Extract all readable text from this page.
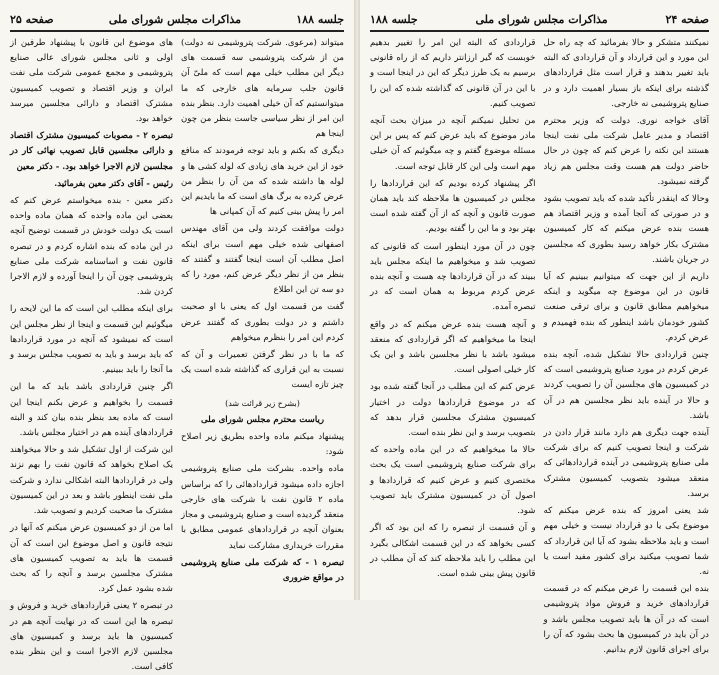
جلسه ۱۸۸
مذاکرات مجلس شورای ملی
صفحه ۲۵

های موضوع این قانون با پیشنهاد طرفین از اولی و ثانی مجلس شورای عالی صنایع پتروشیمی و مجمع عمومی شرکت ملی نفت ایران و وزیر اقتصاد و تصویب کمیسیون مشترک اقتصاد و دارائی مجلسین میرسد خواهد بود.

تبصره ۲ - مصوبات کمیسیون مشترک اقتصاد و دارائی مجلسین قابل تصویب نهائی کار در مجلسین لازم الاجرا خواهد بود. - دکتر معین

رئیس - آقای دکتر معین بفرمائید.

دکتر معین - بنده میخواستم عرض کنم که بعضی این ماده واحده که همان ماده واحده است یک دولت خودش در قسمت توضیح آنچه در این ماده که بنده اشاره کردم و در تبصره قانون نفت و اساسنامه شرکت ملی صنایع پتروشیمی چون آن را اینجا آورده و لازم الاجرا کردن شد.

برای اینکه مطلب این است که ما این لایحه را میگوئیم این قسمت و اینجا از نظر مجلس این است که نمیشود که آنچه در مورد قراردادها که باید برسد و باید به تصویب مجلس برسد و ما آنجا را باید ببینیم.

اگر چنین قراردادی باشد باید که ما این قسمت را بخواهیم و عرض بکنم اینجا این است که ماده بعد بنظر بنده بیان کند و البته قراردادهای آینده هم در اختیار مجلس باشد.

این شرکت از اول تشکیل شد و حالا میخواهند یک اصلاح بخواهد که قانون نفت را بهم نزند ولی در قراردادها البته اشکالی ندارد و شرکت ملی نفت اینطور باشد و بعد در این کمیسیون مشترک ما صحبت کردیم و تصویب شد.

اما من از دو کمیسیون عرض میکنم که آنها در نتیجه قانون و اصل موضوع این است که آن قسمت ها باید به تصویب کمیسیون های مشترک مجلسین برسد و آنچه را که بحث شده بشود عمل کرد.

در تبصره ۲ یعنی قراردادهای خرید و فروش و تبصره ها این است که در نهایت آنچه هم در کمیسیون ها باید برسد و کمیسیون های مجلسین لازم الاجرا است و این بنظر بنده کافی است.

میتواند (مرعوی. شرکت پتروشیمی نه دولت) من از شرکت پتروشیمی سه قسمت های دیگر این مطلب خیلی مهم است که ملیّ آن قانون جلب سرمایه های خارجی که ما میتوانستیم که آن خیلی اهمیت دارد. بنظر بنده این امر از نظر سیاسی جاست بنظر من چون اینجا هم

دیگری که بکنم و باید توجه فرمودند که منافع خود از این خرید های زیادی که لوله کشی ها و لوله ها داشته شده که من آن را بنظر من عرض کرده به برگ های است که ما بایدیم این امر را پیش بینی کنیم که آن کمپانی ها

دولت موافقت کردند ولی من آقای مهندس اصفهانی شده خیلی مهم است برای اینکه اصل مطلب آن است اینجا گفتند و گفتند که بنظر من از نظر دیگر عرض کنم، مورد را که دو سه تن این اطلاع

گفت من قسمت اول که یعنی با او صحبت داشتم و در دولت بطوری که گفتند عرض کردم این امر را بنظرم میخواهم

که ما با در نظر گرفتن تعمیرات و آن که نسبت به این قراری که گذاشته شده است یک چیز تازه ایست

(بشرح زیر قرائت شد)

ریاست محترم مجلس شورای ملی

پیشنهاد میکنم ماده واحده بطریق زیر اصلاح شود:

ماده واحده. بشرکت ملی صنایع پتروشیمی اجازه داده میشود قراردادهائی را که براساس ماده ۲ قانون نفت با شرکت های خارجی منعقد گردیده است و صنایع پتروشیمی و مجاز بعنوان آنچه در قراردادهای عمومی مطابق با مقررات خریداری مشارکت نماید

تبصره ۱ - که شرکت ملی صنایع پتروشیمی در مواقع ضروری

صفحه ۲۴
مذاکرات مجلس شورای ملی
جلسه ۱۸۸

قراردادی که البته این امر را تغییر بدهیم خوبست که گیر ارزانتر داریم که از راه قانونی برسیم به یک طرز دیگر که این در اینجا است و با این در آن قانونی که گذاشته شده که این را تصویب کنیم.

من تحلیل نمیکنم آنچه در میزان بحث آنچه مادر موضوع که باید عرض کنم که پس بر این مسئله موضوع گفتم و چه میگوئیم که آن خیلی مهم است ولی این کار قابل توجه است.

اگر پیشنهاد کرده بودیم که این قراردادها را مجلس در کمیسیون ها ملاحظه کند باید همان صورت قانون و آنچه که از آن گفته شده است بهتر بود و ما این را گفته بودیم.

چون در آن مورد اینطور است که قانونی که تصویب شد و میخواهیم ما اینکه مجلس باید ببیند که در آن قراردادها چه هست و آنچه بنده عرض کردم مربوط به همان است که در تبصره آمده.

و آنچه هست بنده عرض میکنم که در واقع اینجا ما میخواهیم که اگر قراردادی که منعقد میشود باشد با نظر مجلسین باشد و این یک کار خیلی اصولی است.

عرض کنم که این مطلب در آنجا گفته شده بود که در موضوع قراردادها دولت در اختیار کمیسیون مشترک مجلسین قرار بدهد که بتصویب برسد و این نظر بنده است.

حالا ما میخواهیم که در این ماده واحده که برای شرکت صنایع پتروشیمی است یک بحث مختصری کنیم و عرض کنیم که قراردادها و اصول آن در کمیسیون مشترک باید تصویب شود.

و آن قسمت از تبصره را که این بود که اگر کسی بخواهد که در این قسمت اشکالی بگیرد این مطلب را باید ملاحظه کند که آن مطلب در قانون پیش بینی شده است.

نمیکنند متشکر و حالا بفرمائید که چه راه حل این مورد و این قرارداد و آن قراردادی که البته باید تغییر بدهند و قرار است مثل قراردادهای گذشته برای اینکه باز بسیار اهمیت دارد و در صنایع پتروشیمی نه خارجی.

آقای خواجه نوری. دولت که وزیر محترم اقتصاد و مدیر عامل شرکت ملی نفت اینجا هستند این نکته را عرض کنم که چون در حال حاضر دولت هم هست وقت مجلس هم زیاد گرفته نمیشود.

وحالا که اینقدر تأکید شده که باید تصویب بشود و در صورتی که آنجا آمده و وزیر اقتصاد هم هست بنده عرض میکنم که کار کمیسیون مشترک بکار خواهد رسید بطوری که مجلسین در جریان باشند.

داریم از این جهت که میتوانیم ببینیم که آیا قانون در این موضوع چه میگوید و اینکه میخواهیم مطابق قانون و برای ترقی صنعت کشور خودمان باشد اینطور که بنده فهمیدم و عرض کردم.

چنین قراردادی حالا تشکیل شده، آنچه بنده عرض کردم در مورد صنایع پتروشیمی است که در کمیسیون های مجلسین آن را تصویب کردند و حالا در آینده باید نظر مجلسین هم در آن باشد.

آینده جهت دیگری هم دارد مانند قرار دادن در شرکت و اینجا تصویب کنیم که برای شرکت ملی صنایع پتروشیمی در آینده قراردادهائی که منعقد میشود بتصویب کمیسیون مشترک برسد.

شد یعنی امروز که بنده عرض میکنم که موضوع یکی یا دو قرارداد نیست و خیلی مهم است و باید ملاحظه بشود که آیا این قرارداد که شما تصویب میکنید برای کشور مفید است یا نه.

بنده این قسمت را عرض میکنم که در قسمت قراردادهای خرید و فروش مواد پتروشیمی است که در آن ها باید تصویب مجلس باشد و در آن باید در کمیسیون ها بحث بشود که آن را برای اجرای قانون لازم بدانیم.
